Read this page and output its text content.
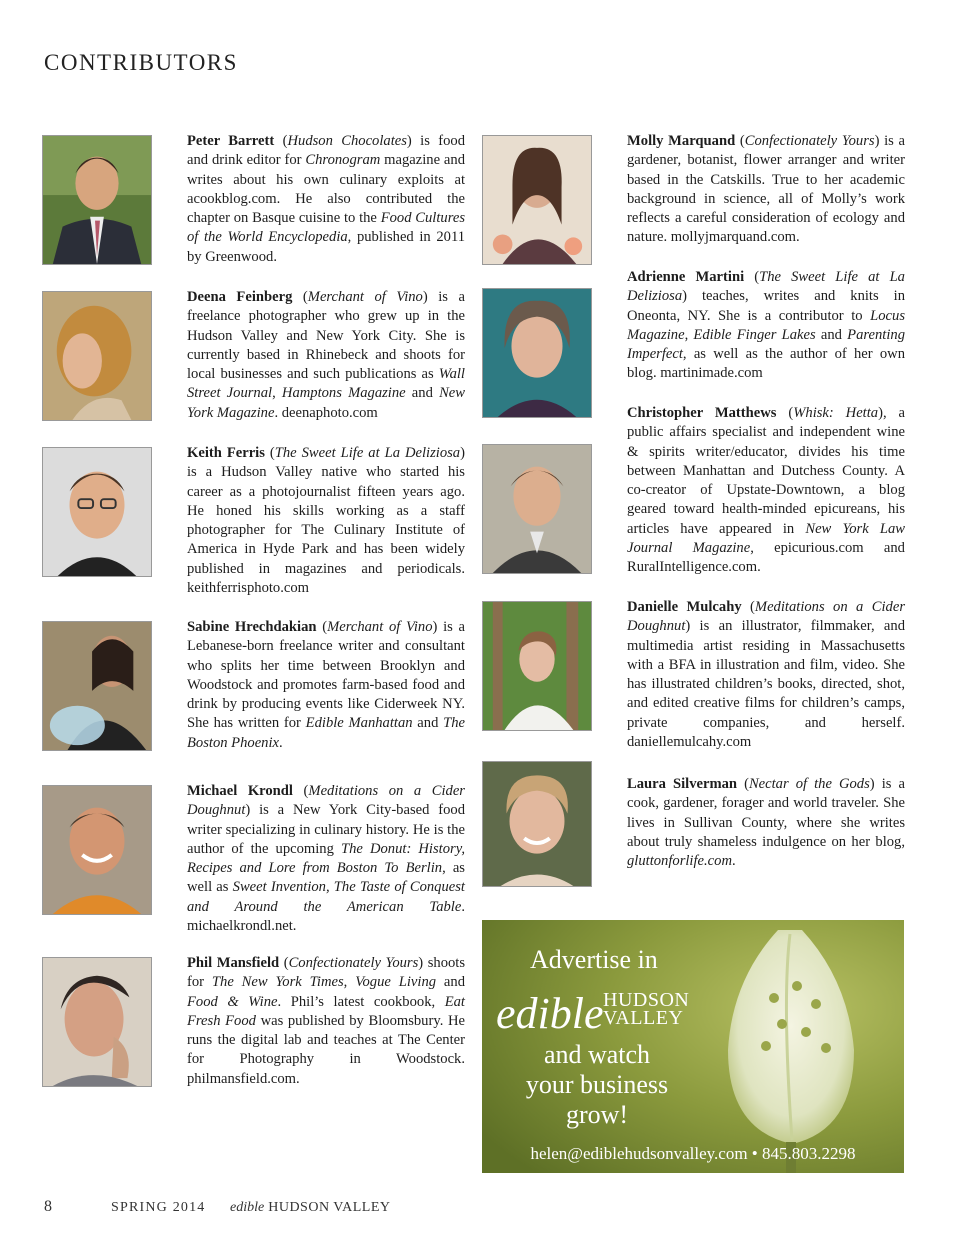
CONTRIBUTORS
Peter Barrett (Hudson Chocolates) is food and drink editor for Chronogram magazine and writes about his own culinary exploits at acookblog.com. He also contributed the chapter on Basque cuisine to the Food Cultures of the World Encyclopedia, published in 2011 by Greenwood.
Deena Feinberg (Merchant of Vino) is a freelance photographer who grew up in the Hudson Valley and New York City. She is currently based in Rhinebeck and shoots for local businesses and such publications as Wall Street Journal, Hamptons Magazine and New York Magazine. deenaphoto.com
Keith Ferris (The Sweet Life at La Deliziosa) is a Hudson Valley native who started his career as a photojournalist fifteen years ago. He honed his skills working as a staff photographer for The Culinary Institute of America in Hyde Park and has been widely published in magazines and periodicals. keithferrisphoto.com
Sabine Hrechdakian (Merchant of Vino) is a Lebanese-born freelance writer and consultant who splits her time between Brooklyn and Woodstock and promotes farm-based food and drink by producing events like Ciderweek NY. She has written for Edible Manhattan and The Boston Phoenix.
Michael Krondl (Meditations on a Cider Doughnut) is a New York City-based food writer specializing in culinary history. He is the author of the upcoming The Donut: History, Recipes and Lore from Boston To Berlin, as well as Sweet Invention, The Taste of Conquest and Around the American Table. michaelkrondl.net.
Phil Mansfield (Confectionately Yours) shoots for The New York Times, Vogue Living and Food & Wine. Phil’s latest cookbook, Eat Fresh Food was published by Bloomsbury. He runs the digital lab and teaches at The Center for Photography in Woodstock. philmansfield.com.
Molly Marquand (Confectionately Yours) is a gardener, botanist, flower arranger and writer based in the Catskills. True to her academic background in science, all of Molly’s work reflects a careful consideration of ecology and nature. mollyjmarquand.com.
Adrienne Martini (The Sweet Life at La Deliziosa) teaches, writes and knits in Oneonta, NY. She is a contributor to Locus Magazine, Edible Finger Lakes and Parenting Imperfect, as well as the author of her own blog. martinimade.com
Christopher Matthews (Whisk: Hetta), a public affairs specialist and independent wine & spirits writer/educator, divides his time between Manhattan and Dutchess County. A co-creator of Upstate-Downtown, a blog geared toward health-minded epicureans, his articles have appeared in New York Law Journal Magazine, epicurious.com and RuralIntelligence.com.
Danielle Mulcahy (Meditations on a Cider Doughnut) is an illustrator, filmmaker, and multimedia artist residing in Massachusetts with a BFA in illustration and film, video. She has illustrated children’s books, directed, shot, and edited creative films for children’s camps, private companies, and herself. daniellemulcahy.com
Laura Silverman (Nectar of the Gods) is a cook, gardener, forager and world traveler. She lives in Sullivan County, where she writes about truly shameless indulgence on her blog, gluttonforlife.com.
Advertise in
edible HUDSON
VALLEY
and watch
your business
grow!
helen@ediblehudsonvalley.com • 845.803.2298
8	SPRING 2014 edible HUDSON VALLEY
